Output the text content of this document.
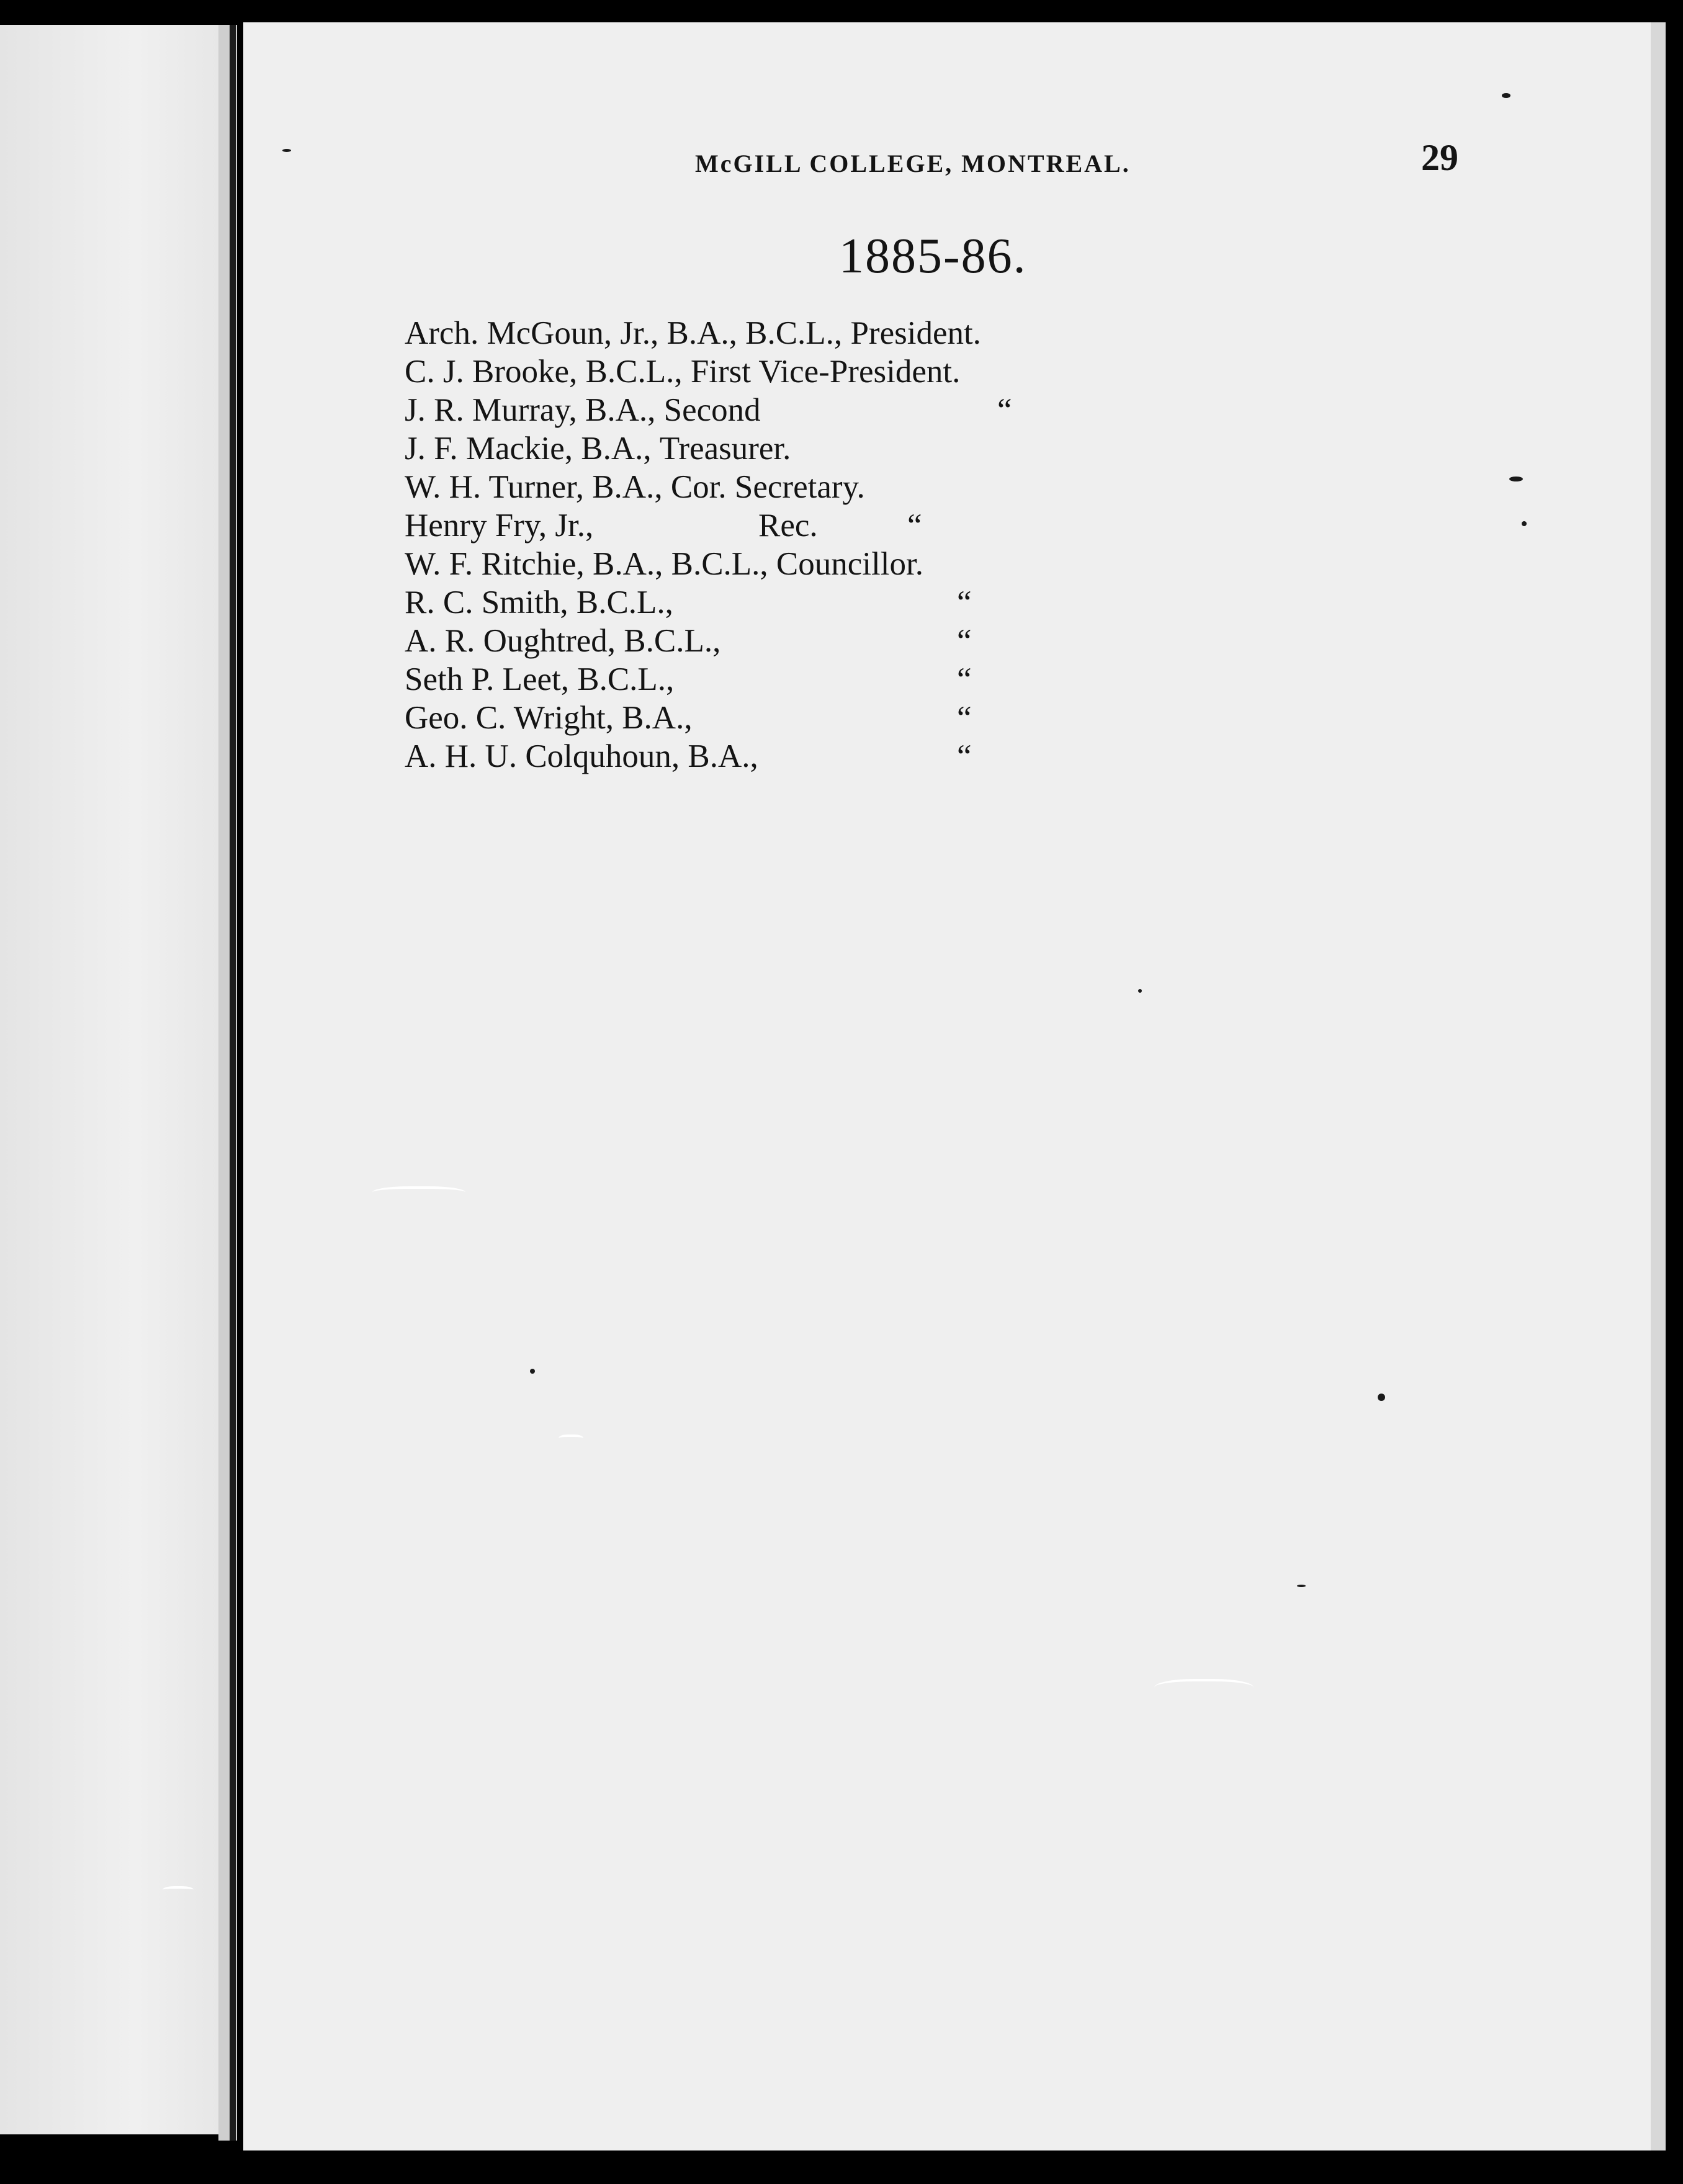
McGILL COLLEGE, MONTREAL.	29
1885-86.
Arch. McGoun, Jr., B.A., B.C.L., President.
C. J. Brooke, B.C.L., First Vice-President.
J. R. Murray, B.A., Second	“
J. F. Mackie, B.A., Treasurer.
W. H. Turner, B.A., Cor. Secretary.
Henry Fry, Jr.,	Rec.	“
W. F. Ritchie, B.A., B.C.L., Councillor.
R. C. Smith, B.C.L.,	“
A. R. Oughtred, B.C.L.,	“
Seth P. Leet, B.C.L.,	“
Geo. C. Wright, B.A.,	“
A. H. U. Colquhoun, B.A.,	“
